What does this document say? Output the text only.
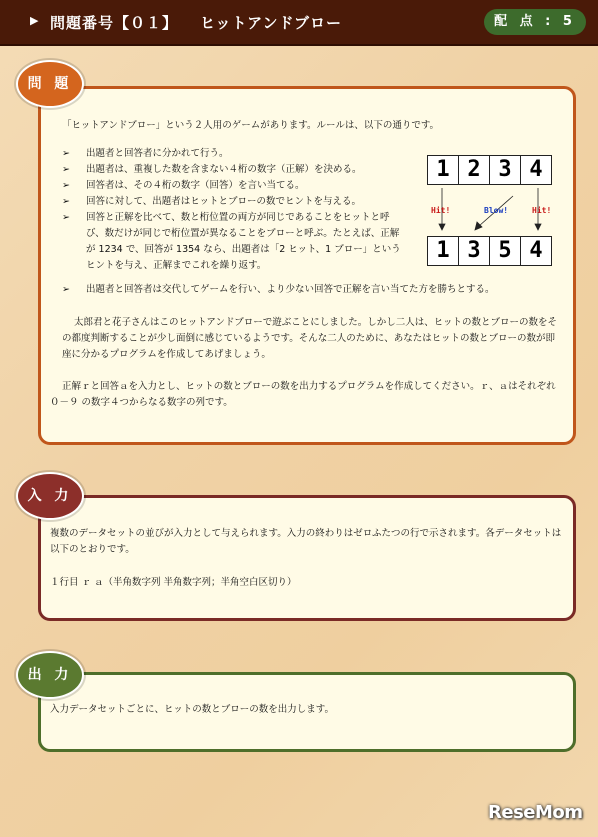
▶ 問題番号【０１】 ヒットアンドブロー	配 点 : 5
問 題
「ヒットアンドブロー」という２人用のゲームがあります。ルールは、以下の通りです。
➢ 出題者と回答者に分かれて行う。
➢ 出題者は、重複した数を含まない４桁の数字（正解）を決める。
➢ 回答者は、その４桁の数字（回答）を言い当てる。
➢ 回答に対して、出題者はヒットとブローの数でヒントを与える。
➢ 回答と正解を比べて、数と桁位置の両方が同じであることをヒットと呼び、数だけが同じで桁位置が異なることをブローと呼ぶ。たとえば、正解が 1234 で、回答が 1354 なら、出題者は「2 ヒット、1 ブロー」というヒントを与え、正解までこれを繰り返す。
➢ 出題者と回答者は交代してゲームを行い、より少ない回答で正解を言い当てた方を勝ちとする。
1 2 3 4
Hit!	Blow!	Hit!
1 3 5 4
太郎君と花子さんはこのヒットアンドブローで遊ぶことにしました。しかし二人は、ヒットの数とブローの数をその都度判断することが少し面倒に感じているようです。そんな二人のために、あなたはヒットの数とブローの数が即座に分かるプログラムを作成してあげましょう。
正解ｒと回答ａを入力とし、ヒットの数とブローの数を出力するプログラムを作成してください。ｒ、ａはそれぞれ ０－９ の数字４つからなる数字の列です。
入 力
複数のデータセットの並びが入力として与えられます。入力の終わりはゼロふたつの行で示されます。各データセットは以下のとおりです。
１行目 ｒ ａ（半角数字列 半角数字列；半角空白区切り）
出 力
入力データセットごとに、ヒットの数とブローの数を出力します。
ReseMom
